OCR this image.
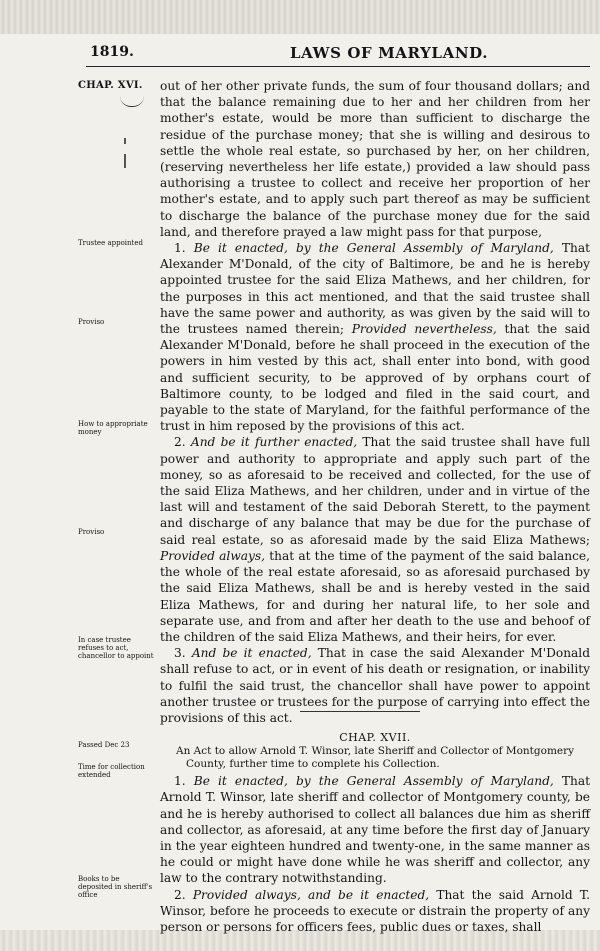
1819.	LAWS OF MARYLAND.
CHAP. XVI.
Trustee appointed
Proviso
How to appropriate money
Proviso
In case trustee refuses to act, chancellor to appoint
Passed Dec 23
Time for collection extended
Books to be deposited in sheriff's office

out of her other private funds, the sum of four thousand dollars; and that the balance remaining due to her and her children from her mother's estate, would be more than sufficient to discharge the residue of the purchase money; that she is willing and desirous to settle the whole real estate, so purchased by her, on her children, (reserving nevertheless her life estate,) provided a law should pass authorising a trustee to collect and receive her proportion of her mother's estate, and to apply such part thereof as may be sufficient to discharge the balance of the purchase money due for the said land, and therefore prayed a law might pass for that purpose,

1. Be it enacted, by the General Assembly of Maryland, That Alexander M'Donald, of the city of Baltimore, be and he is hereby appointed trustee for the said Eliza Mathews, and her children, for the purposes in this act mentioned, and that the said trustee shall have the same power and authority, as was given by the said will to the trustees named therein; Provided nevertheless, that the said Alexander M'Donald, before he shall proceed in the execution of the powers in him vested by this act, shall enter into bond, with good and sufficient security, to be approved of by orphans court of Baltimore county, to be lodged and filed in the said court, and payable to the state of Maryland, for the faithful performance of the trust in him reposed by the provisions of this act.

2. And be it further enacted, That the said trustee shall have full power and authority to appropriate and apply such part of the money, so as aforesaid to be received and collected, for the use of the said Eliza Mathews, and her children, under and in virtue of the last will and testament of the said Deborah Sterett, to the payment and discharge of any balance that may be due for the purchase of said real estate, so as aforesaid made by the said Eliza Mathews; Provided always, that at the time of the payment of the said balance, the whole of the real estate aforesaid, so as aforesaid purchased by the said Eliza Mathews, shall be and is hereby vested in the said Eliza Mathews, for and during her natural life, to her sole and separate use, and from and after her death to the use and behoof of the children of the said Eliza Mathews, and their heirs, for ever.

3. And be it enacted, That in case the said Alexander M'Donald shall refuse to act, or in event of his death or resignation, or inability to fulfil the said trust, the chancellor shall have power to appoint another trustee or trustees for the purpose of carrying into effect the provisions of this act.

CHAP. XVII.

An Act to allow Arnold T. Winsor, late Sheriff and Collector of Montgomery County, further time to complete his Collection.

1. Be it enacted, by the General Assembly of Maryland, That Arnold T. Winsor, late sheriff and collector of Montgomery county, be and he is hereby authorised to collect all balances due him as sheriff and collector, as aforesaid, at any time before the first day of January in the year eighteen hundred and twenty-one, in the same manner as he could or might have done while he was sheriff and collector, any law to the contrary notwithstanding.

2. Provided always, and be it enacted, That the said Arnold T. Winsor, before he proceeds to execute or distrain the property of any person or persons for officers fees, public dues or taxes, shall
